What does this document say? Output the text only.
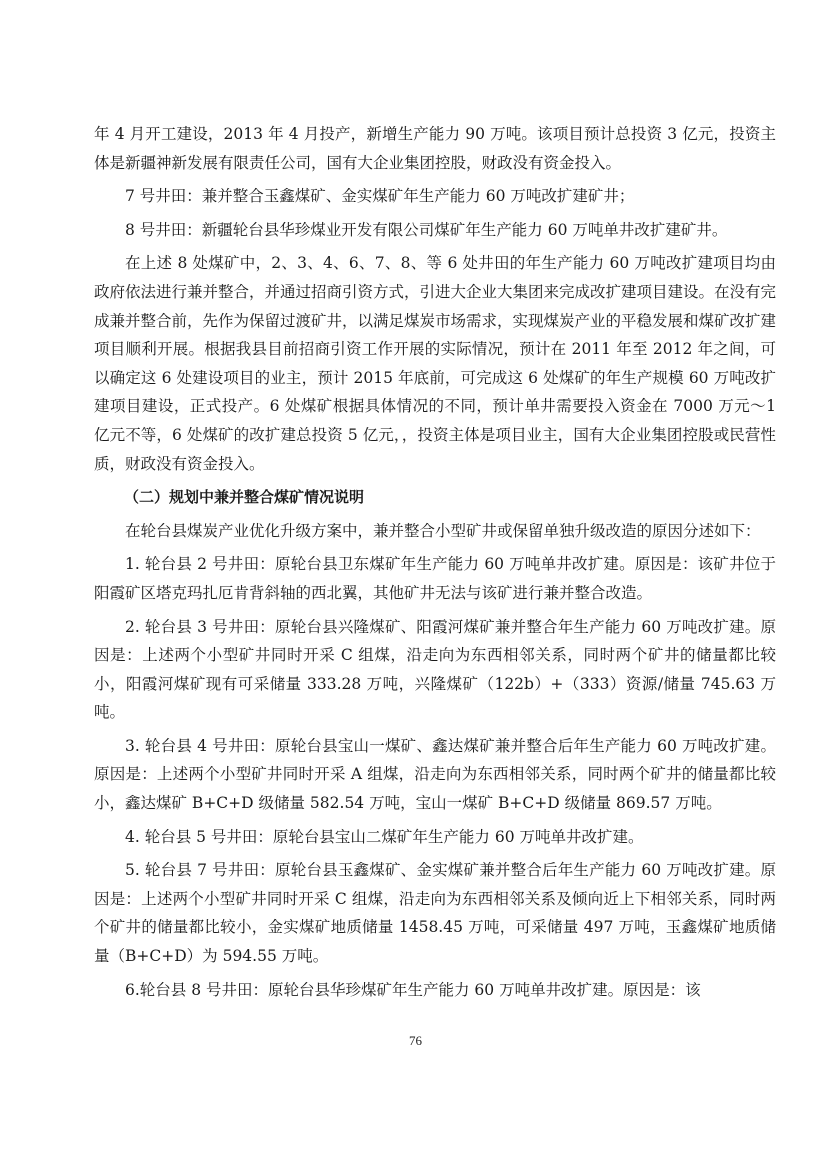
年 4 月开工建设，2013 年 4 月投产，新增生产能力 90 万吨。该项目预计总投资 3 亿元，投资主体是新疆神新发展有限责任公司，国有大企业集团控股，财政没有资金投入。

7 号井田：兼并整合玉鑫煤矿、金实煤矿年生产能力 60 万吨改扩建矿井；

8 号井田：新疆轮台县华珍煤业开发有限公司煤矿年生产能力 60 万吨单井改扩建矿井。

在上述 8 处煤矿中，2、3、4、6、7、8、等 6 处井田的年生产能力 60 万吨改扩建项目均由政府依法进行兼并整合，并通过招商引资方式，引进大企业大集团来完成改扩建项目建设。在没有完成兼并整合前，先作为保留过渡矿井，以满足煤炭市场需求，实现煤炭产业的平稳发展和煤矿改扩建项目顺利开展。根据我县目前招商引资工作开展的实际情况，预计在 2011 年至 2012 年之间，可以确定这 6 处建设项目的业主，预计 2015 年底前，可完成这 6 处煤矿的年生产规模 60 万吨改扩建项目建设，正式投产。6 处煤矿根据具体情况的不同，预计单井需要投入资金在 7000 万元～1 亿元不等，6 处煤矿的改扩建总投资 5 亿元，，投资主体是项目业主，国有大企业集团控股或民营性质，财政没有资金投入。

（二）规划中兼并整合煤矿情况说明

在轮台县煤炭产业优化升级方案中，兼并整合小型矿井或保留单独升级改造的原因分述如下：

1. 轮台县 2 号井田：原轮台县卫东煤矿年生产能力 60 万吨单井改扩建。原因是：该矿井位于阳霞矿区塔克玛扎厄肯背斜轴的西北翼，其他矿井无法与该矿进行兼并整合改造。

2. 轮台县 3 号井田：原轮台县兴隆煤矿、阳霞河煤矿兼并整合年生产能力 60 万吨改扩建。原因是：上述两个小型矿井同时开采 C 组煤，沿走向为东西相邻关系，同时两个矿井的储量都比较小，阳霞河煤矿现有可采储量 333.28 万吨，兴隆煤矿（122b）+（333）资源/储量 745.63 万吨。

3. 轮台县 4 号井田：原轮台县宝山一煤矿、鑫达煤矿兼并整合后年生产能力 60 万吨改扩建。原因是：上述两个小型矿井同时开采 A 组煤，沿走向为东西相邻关系，同时两个矿井的储量都比较小，鑫达煤矿 B+C+D 级储量 582.54 万吨，宝山一煤矿 B+C+D 级储量 869.57 万吨。

4. 轮台县 5 号井田：原轮台县宝山二煤矿年生产能力 60 万吨单井改扩建。

5. 轮台县 7 号井田：原轮台县玉鑫煤矿、金实煤矿兼并整合后年生产能力 60 万吨改扩建。原因是：上述两个小型矿井同时开采 C 组煤，沿走向为东西相邻关系及倾向近上下相邻关系，同时两个矿井的储量都比较小，金实煤矿地质储量 1458.45 万吨，可采储量 497 万吨，玉鑫煤矿地质储量（B+C+D）为 594.55 万吨。

6.轮台县 8 号井田：原轮台县华珍煤矿年生产能力 60 万吨单井改扩建。原因是：该

76
